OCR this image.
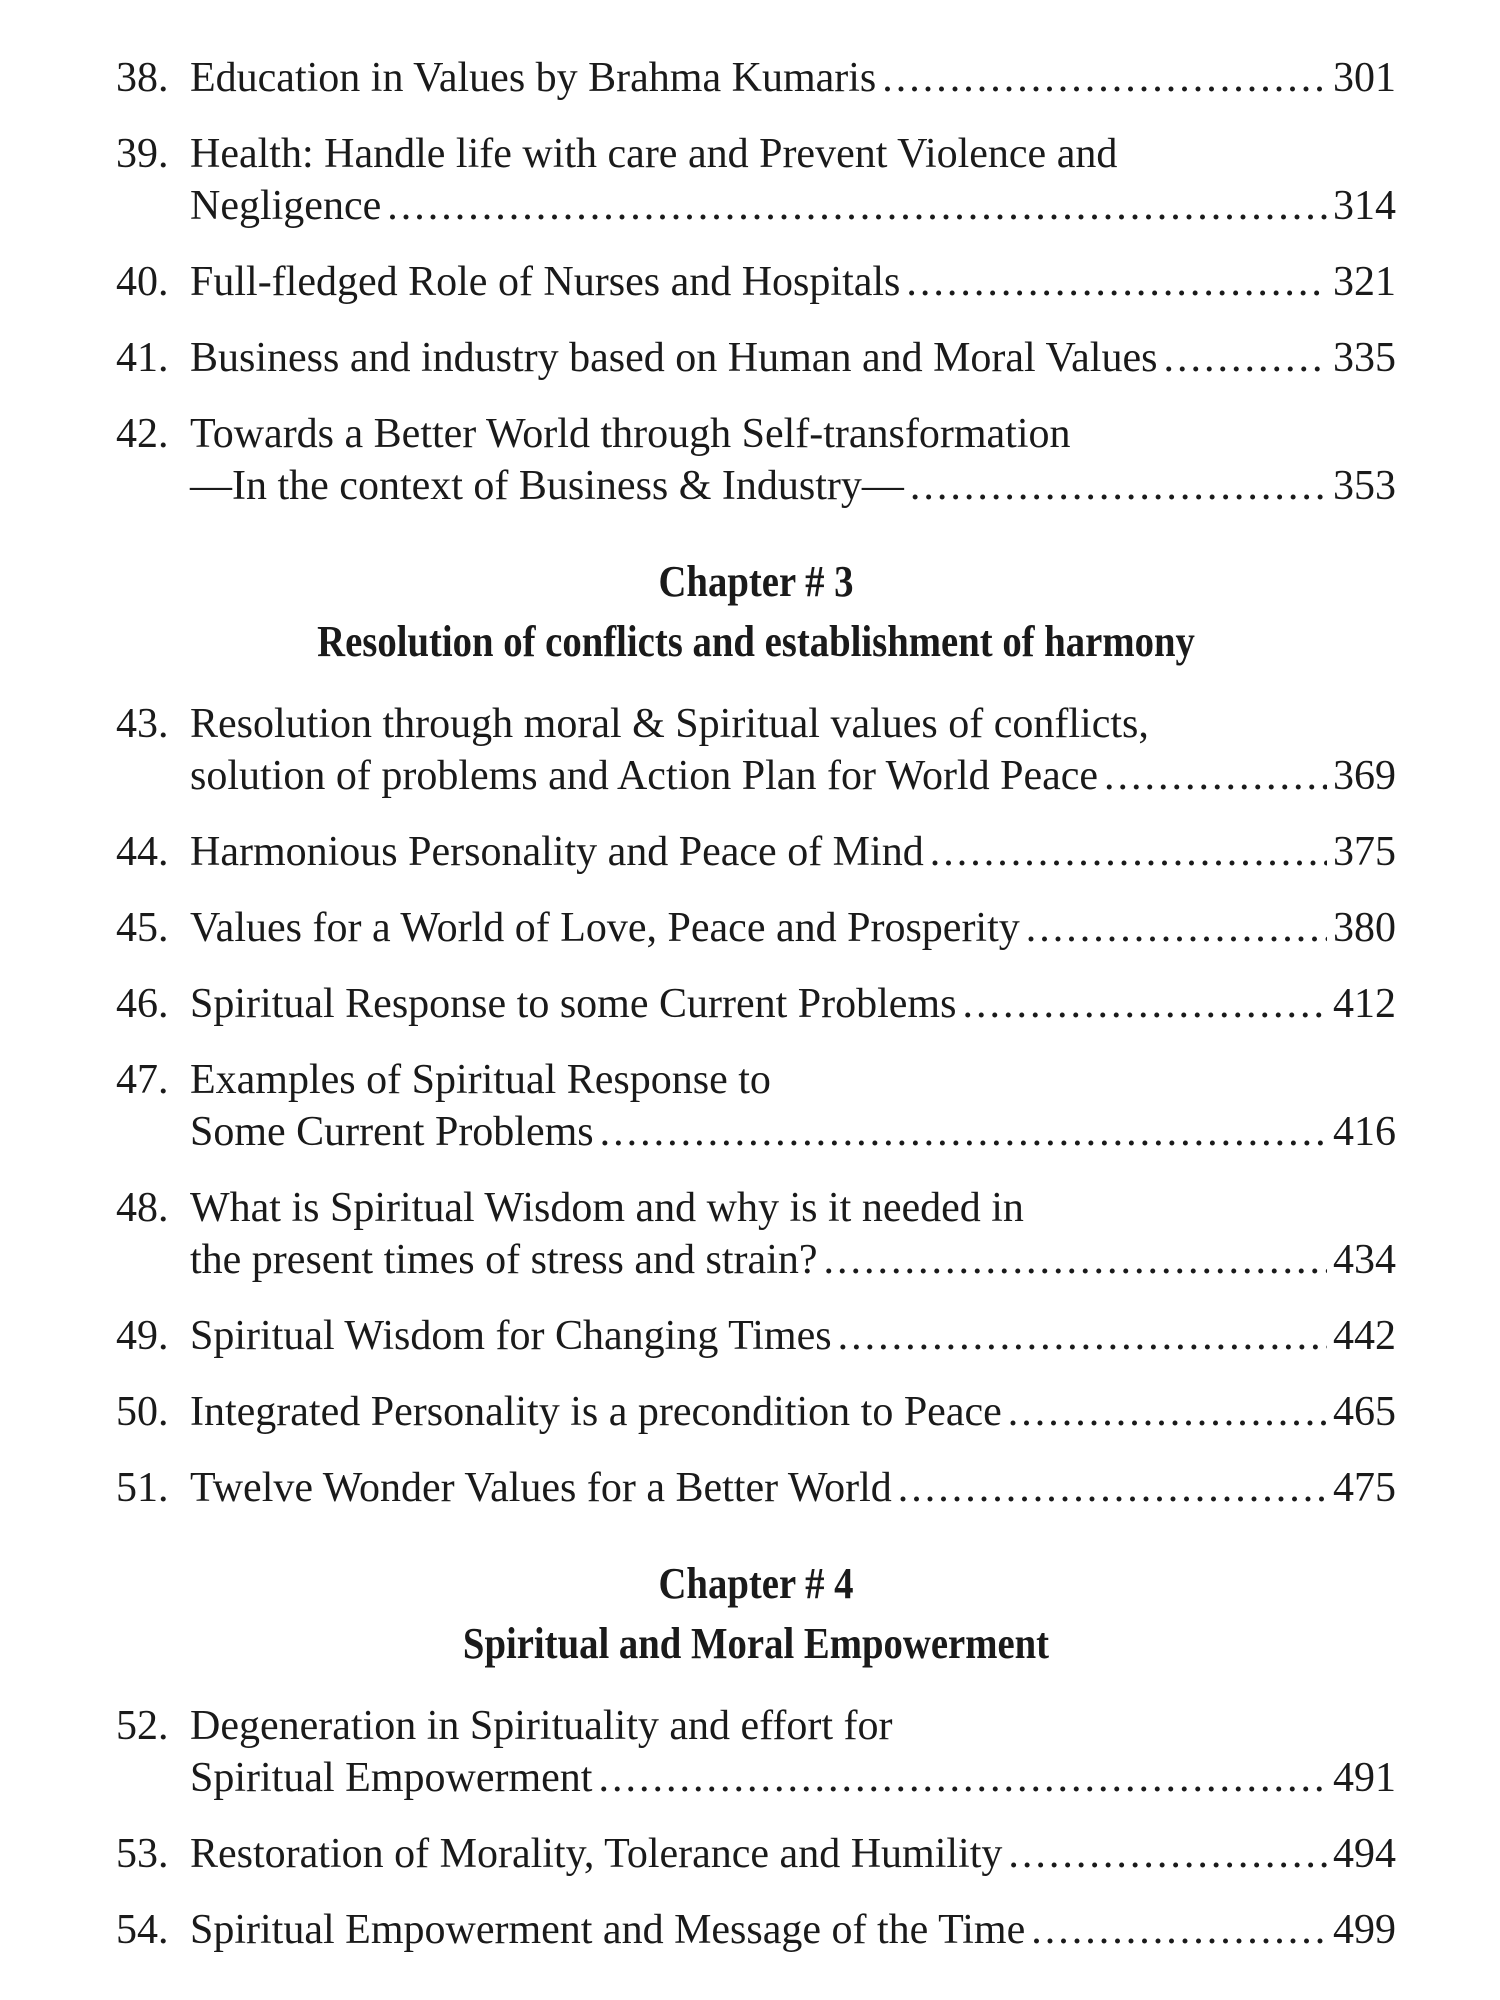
38. Education in Values by Brahma Kumaris .....	301
39. Health: Handle life with care and Prevent Violence and
Negligence .....	314
40. Full-fledged Role of Nurses and Hospitals .....	321
41. Business and industry based on Human and Moral Values .....	335
42. Towards a Better World through Self-transformation
—In the context of Business & Industry— .....	353
Chapter # 3
Resolution of conflicts and establishment of harmony
43. Resolution through moral & Spiritual values of conflicts,
solution of problems and Action Plan for World Peace .....	369
44. Harmonious Personality and Peace of Mind .....	375
45. Values for a World of Love, Peace and Prosperity .....	380
46. Spiritual Response to some Current Problems .....	412
47. Examples of Spiritual Response to
Some Current Problems .....	416
48. What is Spiritual Wisdom and why is it needed in
the present times of stress and strain? .....	434
49. Spiritual Wisdom for Changing Times .....	442
50. Integrated Personality is a precondition to Peace .....	465
51. Twelve Wonder Values for a Better World .....	475
Chapter # 4
Spiritual and Moral Empowerment
52. Degeneration in Spirituality and effort for
Spiritual Empowerment .....	491
53. Restoration of Morality, Tolerance and Humility .....	494
54. Spiritual Empowerment and Message of the Time .....	499
